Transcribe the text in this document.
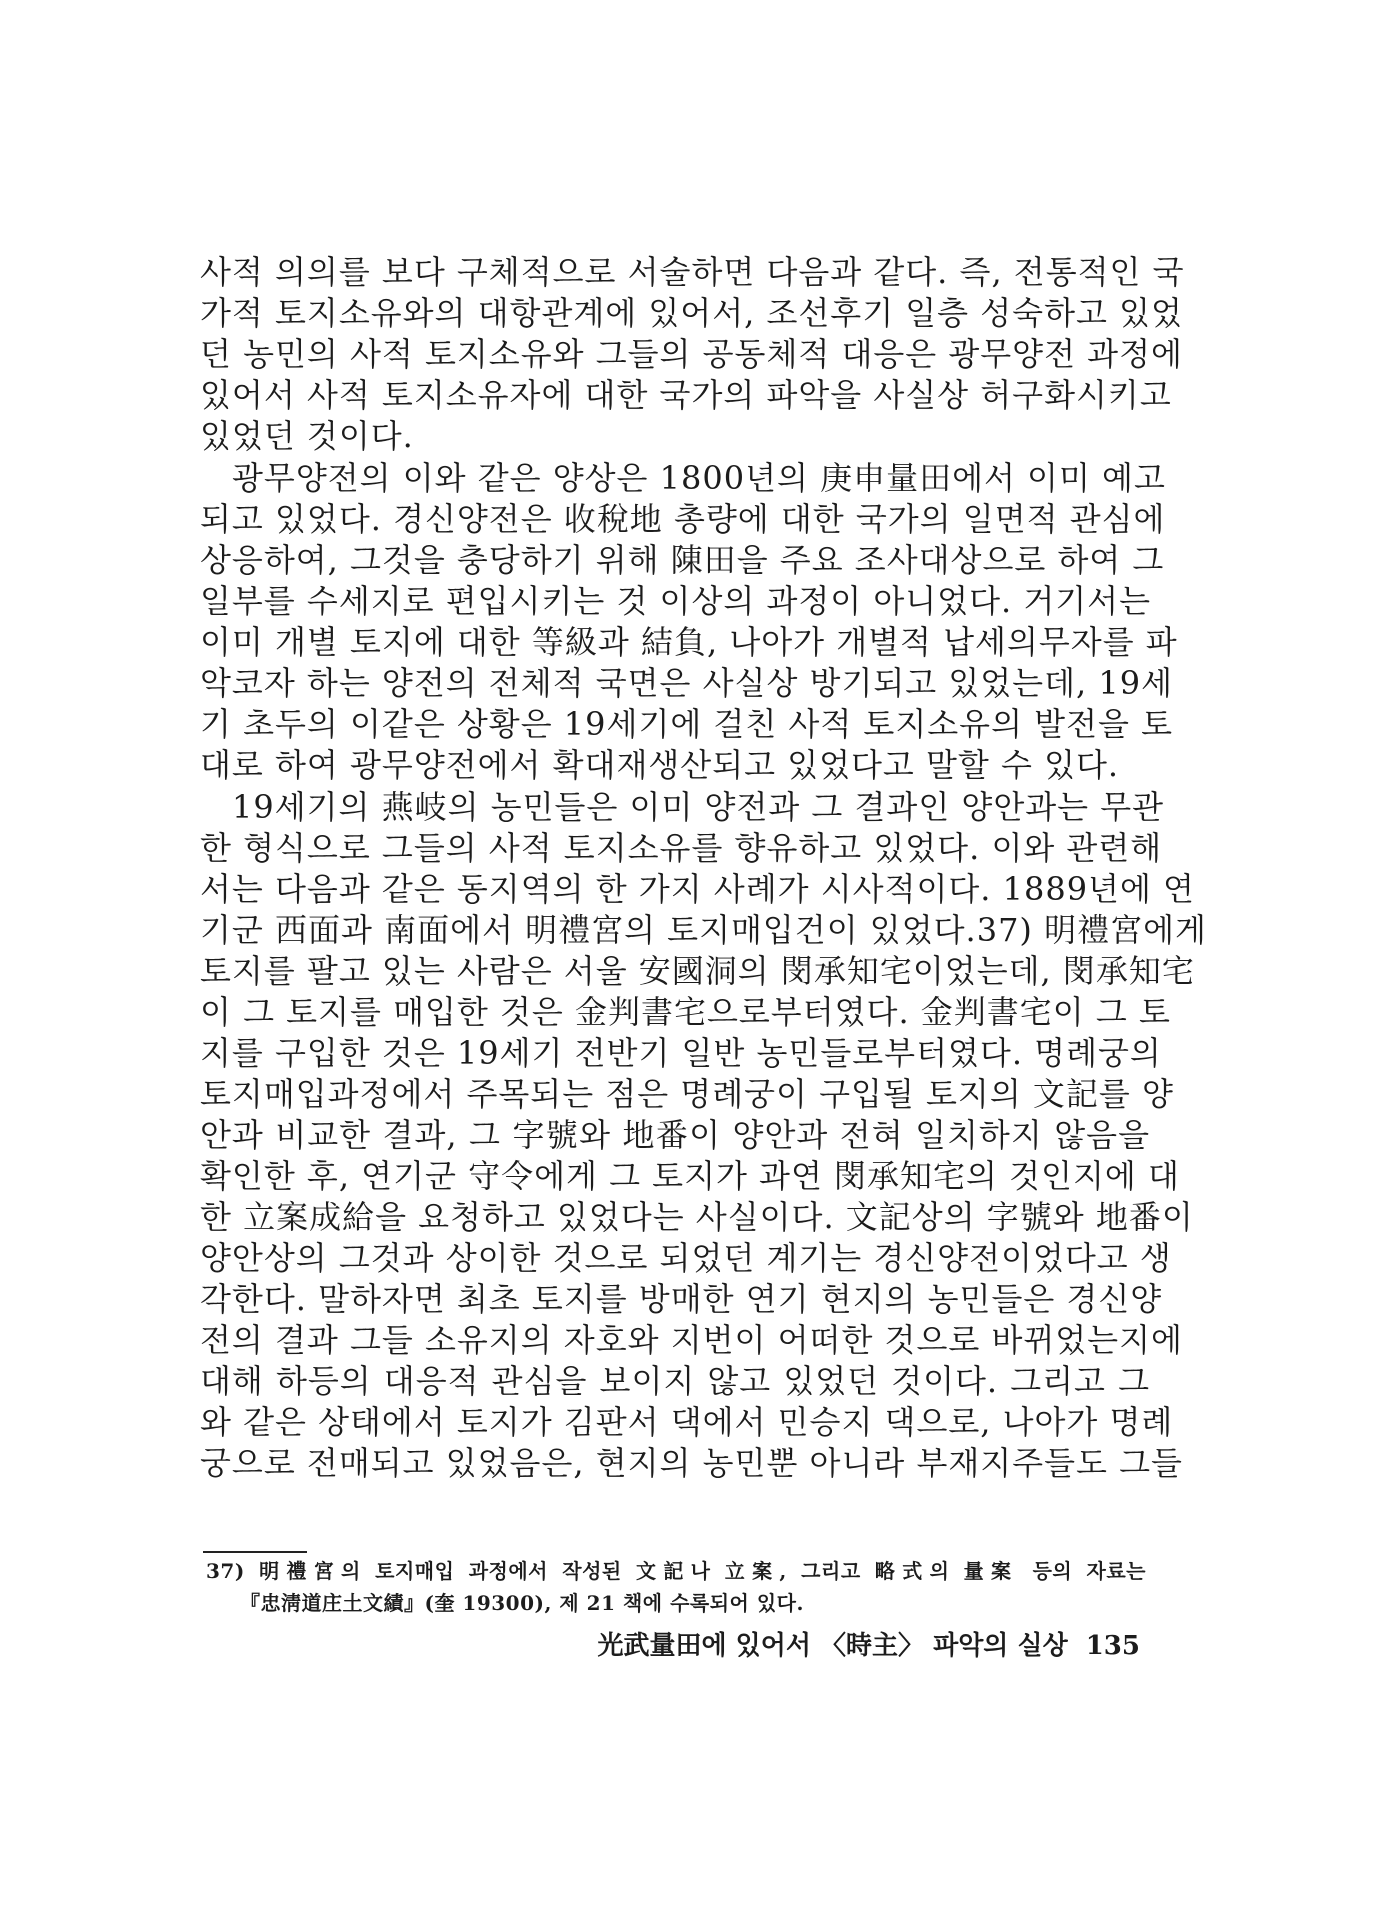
사적 의의를 보다 구체적으로 서술하면 다음과 같다. 즉, 전통적인 국
가적 토지소유와의 대항관계에 있어서, 조선후기 일층 성숙하고 있었
던 농민의 사적 토지소유와 그들의 공동체적 대응은 광무양전 과정에
있어서 사적 토지소유자에 대한 국가의 파악을 사실상 허구화시키고
있었던 것이다.
광무양전의 이와 같은 양상은 1800년의 庚申量田에서 이미 예고
되고 있었다. 경신양전은 收稅地 총량에 대한 국가의 일면적 관심에
상응하여, 그것을 충당하기 위해 陳田을 주요 조사대상으로 하여 그
일부를 수세지로 편입시키는 것 이상의 과정이 아니었다. 거기서는
이미 개별 토지에 대한 等級과 結負, 나아가 개별적 납세의무자를 파
악코자 하는 양전의 전체적 국면은 사실상 방기되고 있었는데, 19세
기 초두의 이같은 상황은 19세기에 걸친 사적 토지소유의 발전을 토
대로 하여 광무양전에서 확대재생산되고 있었다고 말할 수 있다.
19세기의 燕岐의 농민들은 이미 양전과 그 결과인 양안과는 무관
한 형식으로 그들의 사적 토지소유를 향유하고 있었다. 이와 관련해
서는 다음과 같은 동지역의 한 가지 사례가 시사적이다. 1889년에 연
기군 西面과 南面에서 明禮宮의 토지매입건이 있었다.37) 明禮宮에게
토지를 팔고 있는 사람은 서울 安國洞의 閔承知宅이었는데, 閔承知宅
이 그 토지를 매입한 것은 金判書宅으로부터였다. 金判書宅이 그 토
지를 구입한 것은 19세기 전반기 일반 농민들로부터였다. 명례궁의
토지매입과정에서 주목되는 점은 명례궁이 구입될 토지의 文記를 양
안과 비교한 결과, 그 字號와 地番이 양안과 전혀 일치하지 않음을
확인한 후, 연기군 守令에게 그 토지가 과연 閔承知宅의 것인지에 대
한 立案成給을 요청하고 있었다는 사실이다. 文記상의 字號와 地番이
양안상의 그것과 상이한 것으로 되었던 계기는 경신양전이었다고 생
각한다. 말하자면 최초 토지를 방매한 연기 현지의 농민들은 경신양
전의 결과 그들 소유지의 자호와 지번이 어떠한 것으로 바뀌었는지에
대해 하등의 대응적 관심을 보이지 않고 있었던 것이다. 그리고 그
와 같은 상태에서 토지가 김판서 댁에서 민승지 댁으로, 나아가 명례
궁으로 전매되고 있었음은, 현지의 농민뿐 아니라 부재지주들도 그들
37) 明禮宮의 토지매입 과정에서 작성된 文記나 立案, 그리고 略式의 量案 등의 자료는
『忠淸道庄土文績』(奎 19300), 제 21 책에 수록되어 있다.
光武量田에 있어서 〈時主〉 파악의 실상 135
